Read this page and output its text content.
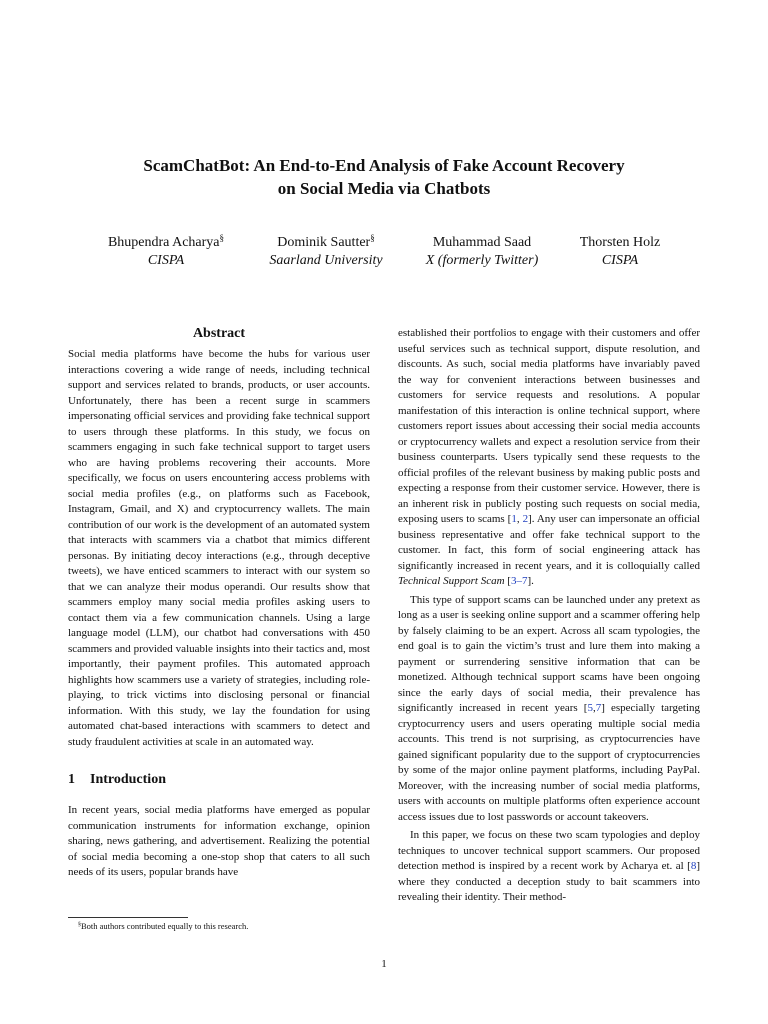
ScamChatBot: An End-to-End Analysis of Fake Account Recovery
on Social Media via Chatbots
Bhupendra Acharya§
CISPA
Dominik Sautter§
Saarland University
Muhammad Saad
X (formerly Twitter)
Thorsten Holz
CISPA
Abstract

Social media platforms have become the hubs for various user interactions covering a wide range of needs, including technical support and services related to brands, products, or user accounts. Unfortunately, there has been a recent surge in scammers impersonating official services and providing fake technical support to users through these platforms. In this study, we focus on scammers engaging in such fake technical support to target users who are having problems recovering their accounts. More specifically, we focus on users encountering access problems with social media profiles (e.g., on platforms such as Facebook, Instagram, Gmail, and X) and cryptocurrency wallets. The main contribution of our work is the development of an automated system that interacts with scammers via a chatbot that mimics different personas. By initiating decoy interactions (e.g., through deceptive tweets), we have enticed scammers to interact with our system so that we can analyze their modus operandi. Our results show that scammers employ many social media profiles asking users to contact them via a few communication channels. Using a large language model (LLM), our chatbot had conversations with 450 scammers and provided valuable insights into their tactics and, most importantly, their payment profiles. This automated approach highlights how scammers use a variety of strategies, including role-playing, to trick victims into disclosing personal or financial information. With this study, we lay the foundation for using automated chat-based interactions with scammers to detect and study fraudulent activities at scale in an automated way.

1 Introduction

In recent years, social media platforms have emerged as popular communication instruments for information exchange, opinion sharing, news gathering, and advertisement. Realizing the potential of social media becoming a one-stop shop that caters to all such needs of its users, popular brands have

established their portfolios to engage with their customers and offer useful services such as technical support, dispute resolution, and discounts. As such, social media platforms have invariably paved the way for convenient interactions between businesses and customers for service requests and resolutions. A popular manifestation of this interaction is online technical support, where customers report issues about accessing their social media accounts or cryptocurrency wallets and expect a resolution service from their business counterparts. Users typically send these requests to the official profiles of the relevant business by making public posts and expecting a response from their customer service. However, there is an inherent risk in publicly posting such requests on social media, exposing users to scams [1, 2]. Any user can impersonate an official business representative and offer fake technical support to the customer. In fact, this form of social engineering attack has significantly increased in recent years, and it is colloquially called Technical Support Scam [3–7].

This type of support scams can be launched under any pretext as long as a user is seeking online support and a scammer offering help by falsely claiming to be an expert. Across all scam typologies, the end goal is to gain the victim’s trust and lure them into making a payment or surrendering sensitive information that can be monetized. Although technical support scams have been ongoing since the early days of social media, their prevalence has significantly increased in recent years [5,7] especially targeting cryptocurrency users and users operating multiple social media accounts. This trend is not surprising, as cryptocurrencies have gained significant popularity due to the support of cryptocurrencies by some of the major online payment platforms, including PayPal. Moreover, with the increasing number of social media platforms, users with accounts on multiple platforms often experience account access issues due to lost passwords or account takeovers.

In this paper, we focus on these two scam typologies and deploy techniques to uncover technical support scammers. Our proposed detection method is inspired by a recent work by Acharya et. al [8] where they conducted a deception study to bait scammers into revealing their identity. Their method-

§Both authors contributed equally to this research.
1
